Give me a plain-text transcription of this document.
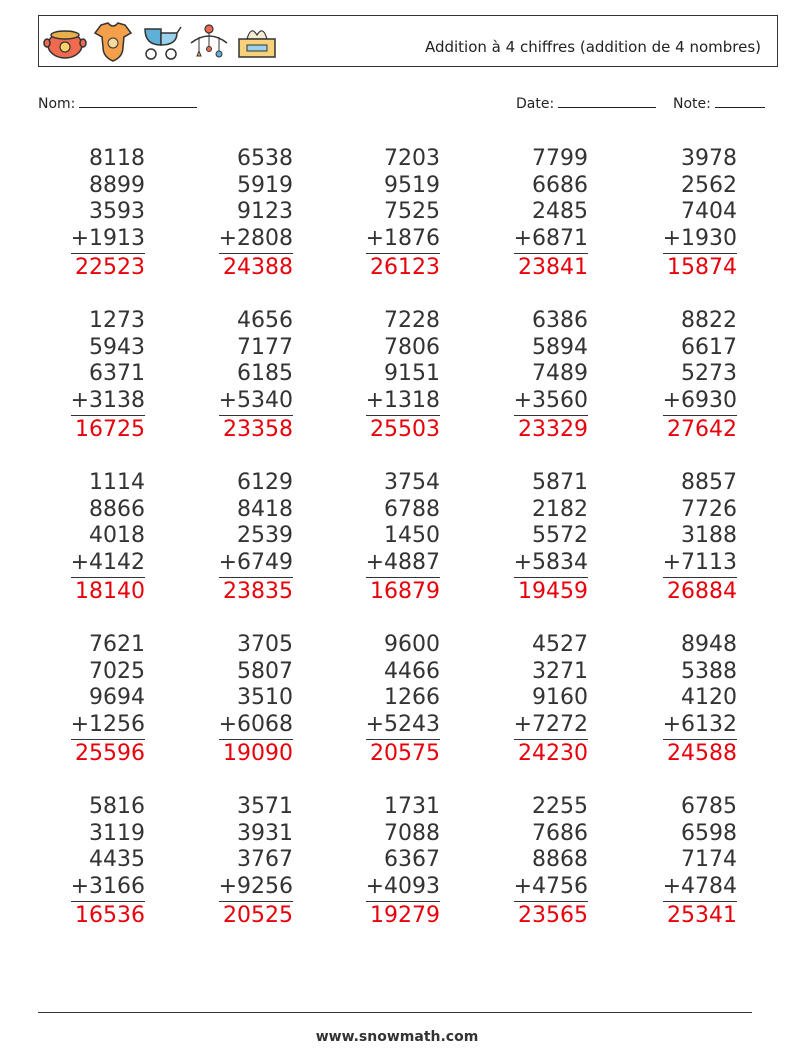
Addition à 4 chiffres (addition de 4 nombres)
Nom:	Date:	Note:
8118
8899
3593
+1913
22523
6538
5919
9123
+2808
24388
7203
9519
7525
+1876
26123
7799
6686
2485
+6871
23841
3978
2562
7404
+1930
15874
1273
5943
6371
+3138
16725
4656
7177
6185
+5340
23358
7228
7806
9151
+1318
25503
6386
5894
7489
+3560
23329
8822
6617
5273
+6930
27642
1114
8866
4018
+4142
18140
6129
8418
2539
+6749
23835
3754
6788
1450
+4887
16879
5871
2182
5572
+5834
19459
8857
7726
3188
+7113
26884
7621
7025
9694
+1256
25596
3705
5807
3510
+6068
19090
9600
4466
1266
+5243
20575
4527
3271
9160
+7272
24230
8948
5388
4120
+6132
24588
5816
3119
4435
+3166
16536
3571
3931
3767
+9256
20525
1731
7088
6367
+4093
19279
2255
7686
8868
+4756
23565
6785
6598
7174
+4784
25341
www.snowmath.com
